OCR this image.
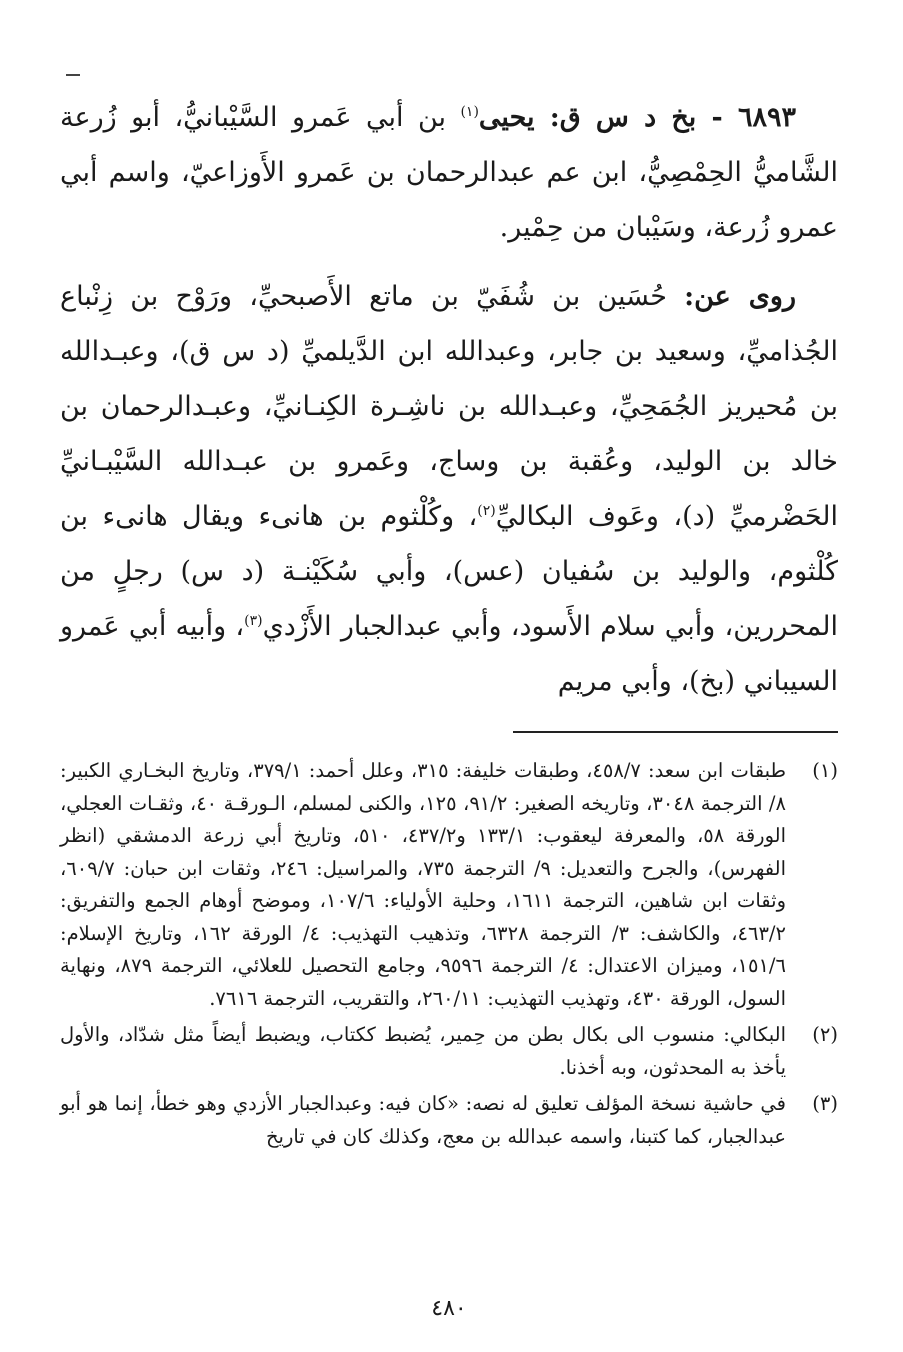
٦٨٩٣ - بخ د س ق: يحيى$^{(١)}$ بن أبي عَمرو السَّيْبانيُّ، أبو زُرعة الشَّاميُّ الحِمْصِيُّ، ابن عم عبدالرحمان بن عَمرو الأَوزاعيّ، واسم أبي عمرو زُرعة، وسَيْبان من حِمْير.

روى عن: حُسَين بن شُفَيّ بن ماتع الأَصبحيِّ، ورَوْح بن زِنْباع الجُذاميِّ، وسعيد بن جابر، وعبدالله ابن الدَّيلميِّ (د س ق)، وعبـدالله بن مُحيريز الجُمَحِيِّ، وعبـدالله بن ناشِـرة الكِنـانيِّ، وعبـدالرحمان بن خالد بن الوليد، وعُقبة بن وساج، وعَمرو بن عبـدالله السَّيْبـانيِّ الحَضْرميِّ (د)، وعَوف البكاليِّ$^{(٢)}$، وكُلْثوم بن هانىء ويقال هانىء بن كُلْثوم، والوليد بن سُفيان (عس)، وأبي سُكَيْنـة (د س) رجلٍ من المحررين، وأبي سلام الأَسود، وأبي عبدالجبار الأَزْدي$^{(٣)}$، وأبيه أبي عَمرو السيباني (بخ)، وأبي مريم

(١)
طبقات ابن سعد: ٤٥٨/٧، وطبقات خليفة: ٣١٥، وعلل أحمد: ٣٧٩/١، وتاريخ البخـاري الكبير: ٨/ الترجمة ٣٠٤٨، وتاريخه الصغير: ٩١/٢، ١٢٥، والكنى لمسلم، الـورقـة ٤٠، وثقـات العجلي، الورقة ٥٨، والمعرفة ليعقوب: ١٣٣/١ و٤٣٧/٢، ٥١٠، وتاريخ أبي زرعة الدمشقي (انظر الفهرس)، والجرح والتعديل: ٩/ الترجمة ٧٣٥، والمراسيل: ٢٤٦، وثقات ابن حبان: ٦٠٩/٧، وثقات ابن شاهين، الترجمة ١٦١١، وحلية الأولياء: ١٠٧/٦، وموضح أوهام الجمع والتفريق: ٤٦٣/٢، والكاشف: ٣/ الترجمة ٦٣٢٨، وتذهيب التهذيب: ٤/ الورقة ١٦٢، وتاريخ الإسلام: ١٥١/٦، وميزان الاعتدال: ٤/ الترجمة ٩٥٩٦، وجامع التحصيل للعلائي، الترجمة ٨٧٩، ونهاية السول، الورقة ٤٣٠، وتهذيب التهذيب: ٢٦٠/١١، والتقريب، الترجمة ٧٦١٦.
(٢)
البكالي: منسوب الى بكال بطن من حِمير، يُضبط ككتاب، ويضبط أيضاً مثل شدّاد، والأول يأخذ به المحدثون، وبه أخذنا.
(٣)
في حاشية نسخة المؤلف تعليق له نصه: «كان فيه: وعبدالجبار الأزدي وهو خطأ، إنما هو أبو عبدالجبار، كما كتبنا، واسمه عبدالله بن معج، وكذلك كان في تاريخ
٤٨٠
